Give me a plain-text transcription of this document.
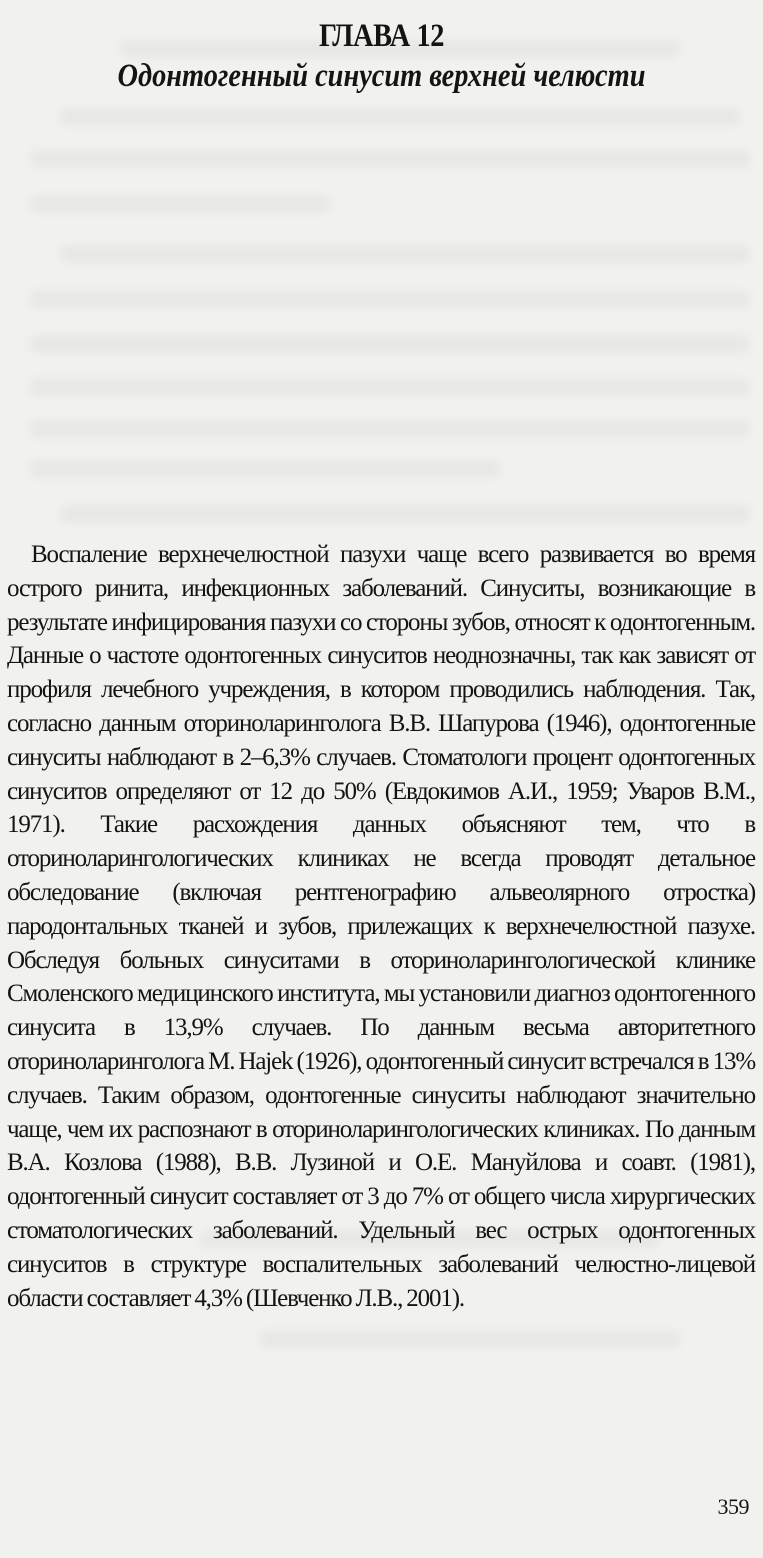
ГЛАВА 12

Одонтогенный синусит верхней челюсти

Воспаление верхнечелюстной пазухи чаще всего развивается во время острого ринита, инфекционных заболеваний. Синуситы, возникающие в результате инфицирования пазухи со стороны зубов, относят к одонтогенным. Данные о частоте одонтогенных синуситов неоднозначны, так как зависят от профиля лечебного учреждения, в котором проводились наблюдения. Так, согласно данным оториноларинголога В.В. Шапурова (1946), одонтогенные синуситы наблюдают в 2–6,3% случаев. Стоматологи процент одонтогенных синуситов определяют от 12 до 50% (Евдокимов А.И., 1959; Уваров В.М., 1971). Такие расхождения данных объясняют тем, что в оториноларингологических клиниках не всегда проводят детальное обследование (включая рентгенографию альвеолярного отростка) пародонтальных тканей и зубов, прилежащих к верхнечелюстной пазухе. Обследуя больных синуситами в оториноларингологической клинике Смоленского медицинского института, мы установили диагноз одонтогенного синусита в 13,9% случаев. По данным весьма авторитетного оториноларинголога M. Hajek (1926), одонтогенный синусит встречался в 13% случаев. Таким образом, одонтогенные синуситы наблюдают значительно чаще, чем их распознают в оториноларингологических клиниках. По данным В.А. Козлова (1988), В.В. Лузиной и О.Е. Мануйлова и соавт. (1981), одонтогенный синусит составляет от 3 до 7% от общего числа хирургических стоматологических заболеваний. Удельный вес острых одонтогенных синуситов в структуре воспалительных заболеваний челюстно-лицевой области составляет 4,3% (Шевченко Л.В., 2001).

359
